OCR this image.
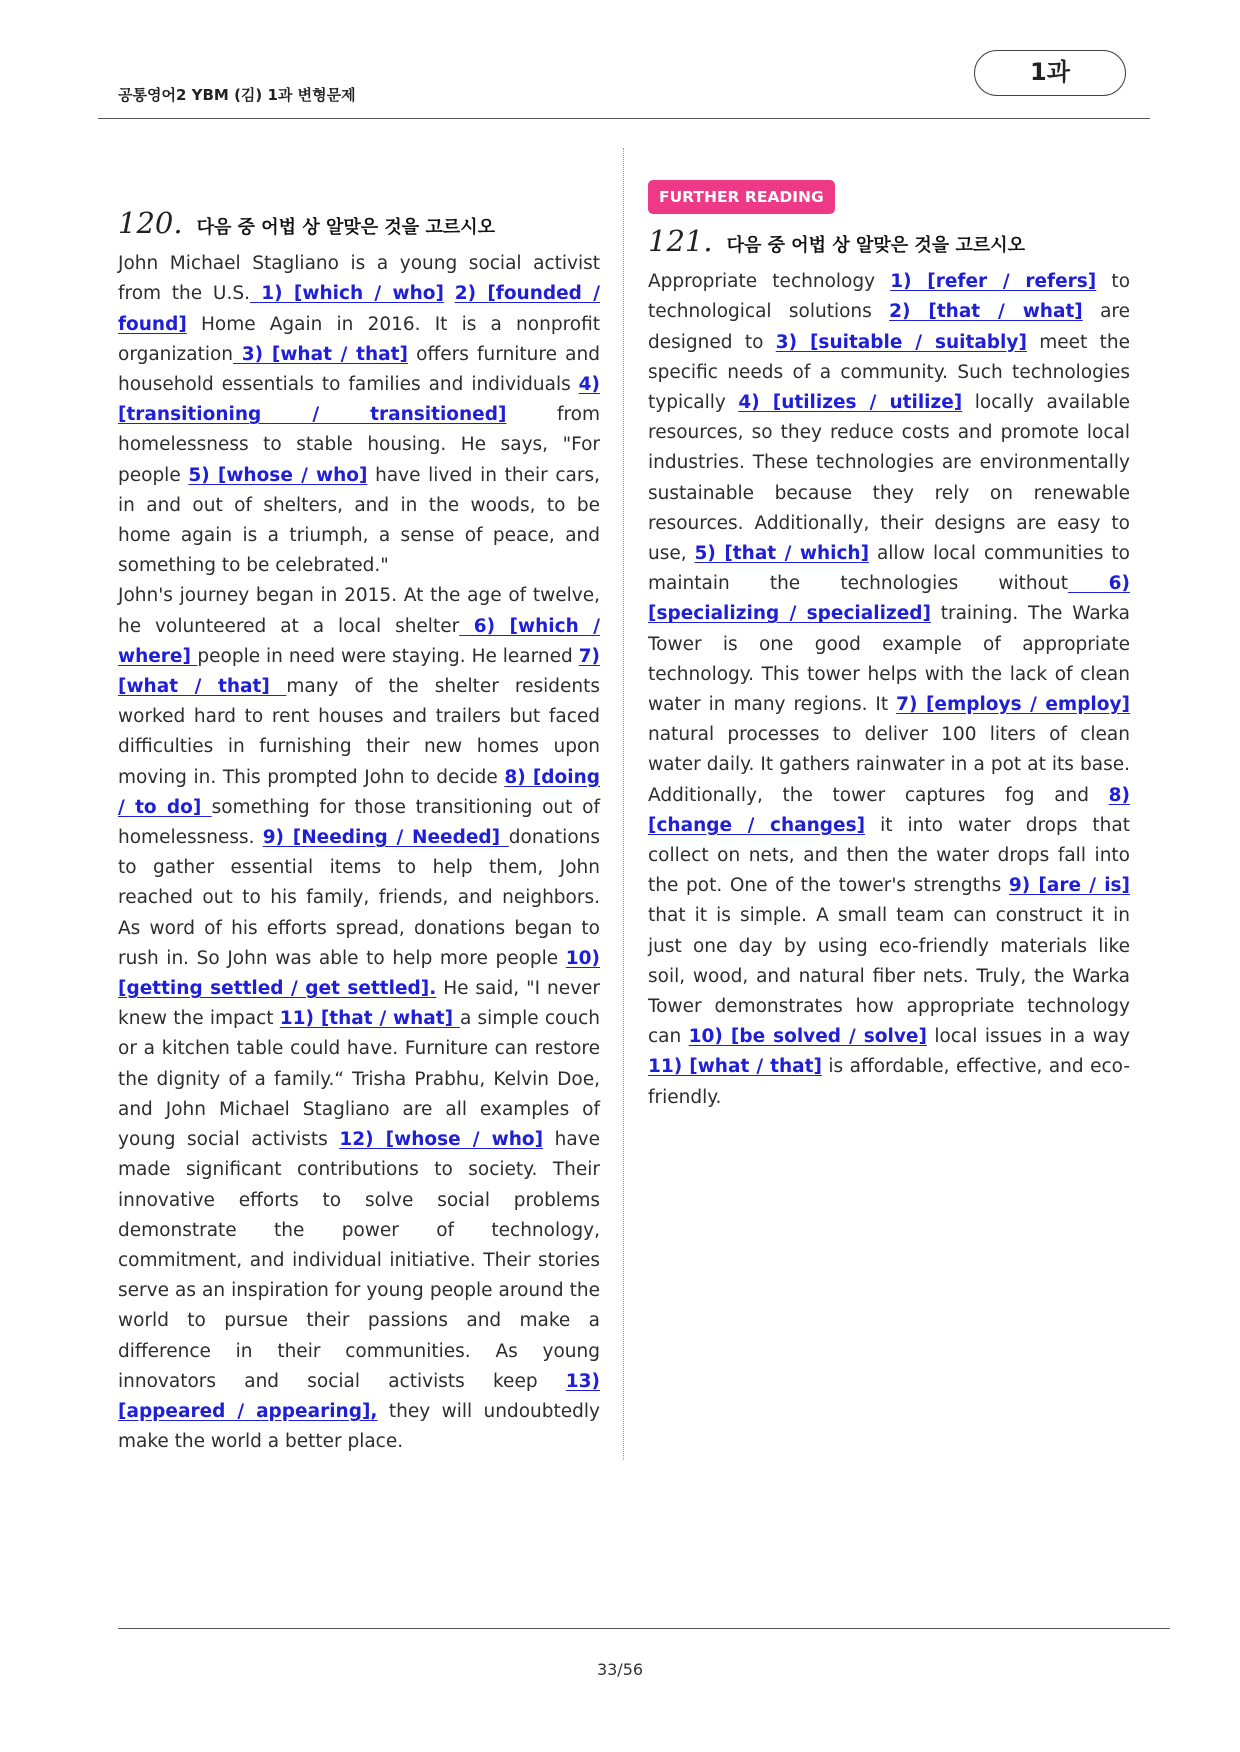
공통영어2 YBM (김) 1과 변형문제
1과
120. 다음 중 어법 상 알맞은 것을 고르시오

John Michael Stagliano is a young social activist from the U.S. 1) [which / who] 2) [founded / found] Home Again in 2016. It is a nonprofit organization 3) [what / that] offers furniture and household essentials to families and individuals 4) [transitioning / transitioned] from homelessness to stable housing. He says, "For people 5) [whose / who] have lived in their cars, in and out of shelters, and in the woods, to be home again is a triumph, a sense of peace, and something to be celebrated."
John's journey began in 2015. At the age of twelve, he volunteered at a local shelter 6) [which / where] people in need were staying. He learned 7) [what / that] many of the shelter residents worked hard to rent houses and trailers but faced difficulties in furnishing their new homes upon moving in. This prompted John to decide 8) [doing / to do] something for those transitioning out of homelessness. 9) [Needing / Needed] donations to gather essential items to help them, John reached out to his family, friends, and neighbors. As word of his efforts spread, donations began to rush in. So John was able to help more people 10) [getting settled / get settled]. He said, "I never knew the impact 11) [that / what] a simple couch or a kitchen table could have. Furniture can restore the dignity of a family.“ Trisha Prabhu, Kelvin Doe, and John Michael Stagliano are all examples of young social activists 12) [whose / who] have made significant contributions to society. Their innovative efforts to solve social problems demonstrate the power of technology, commitment, and individual initiative. Their stories serve as an inspiration for young people around the world to pursue their passions and make a difference in their communities. As young innovators and social activists keep 13) [appeared / appearing], they will undoubtedly make the world a better place.

FURTHER READING
121. 다음 중 어법 상 알맞은 것을 고르시오

Appropriate technology 1) [refer / refers] to technological solutions 2) [that / what] are designed to 3) [suitable / suitably] meet the specific needs of a community. Such technologies typically 4) [utilizes / utilize] locally available resources, so they reduce costs and promote local industries. These technologies are environmentally sustainable because they rely on renewable resources. Additionally, their designs are easy to use, 5) [that / which] allow local communities to maintain the technologies without 6) [specializing / specialized] training. The Warka Tower is one good example of appropriate technology. This tower helps with the lack of clean water in many regions. It 7) [employs / employ] natural processes to deliver 100 liters of clean water daily. It gathers rainwater in a pot at its base. Additionally, the tower captures fog and 8) [change / changes] it into water drops that collect on nets, and then the water drops fall into the pot. One of the tower's strengths 9) [are / is] that it is simple. A small team can construct it in just one day by using eco-friendly materials like soil, wood, and natural fiber nets. Truly, the Warka Tower demonstrates how appropriate technology can 10) [be solved / solve] local issues in a way 11) [what / that] is affordable, effective, and eco-friendly.

33/56
